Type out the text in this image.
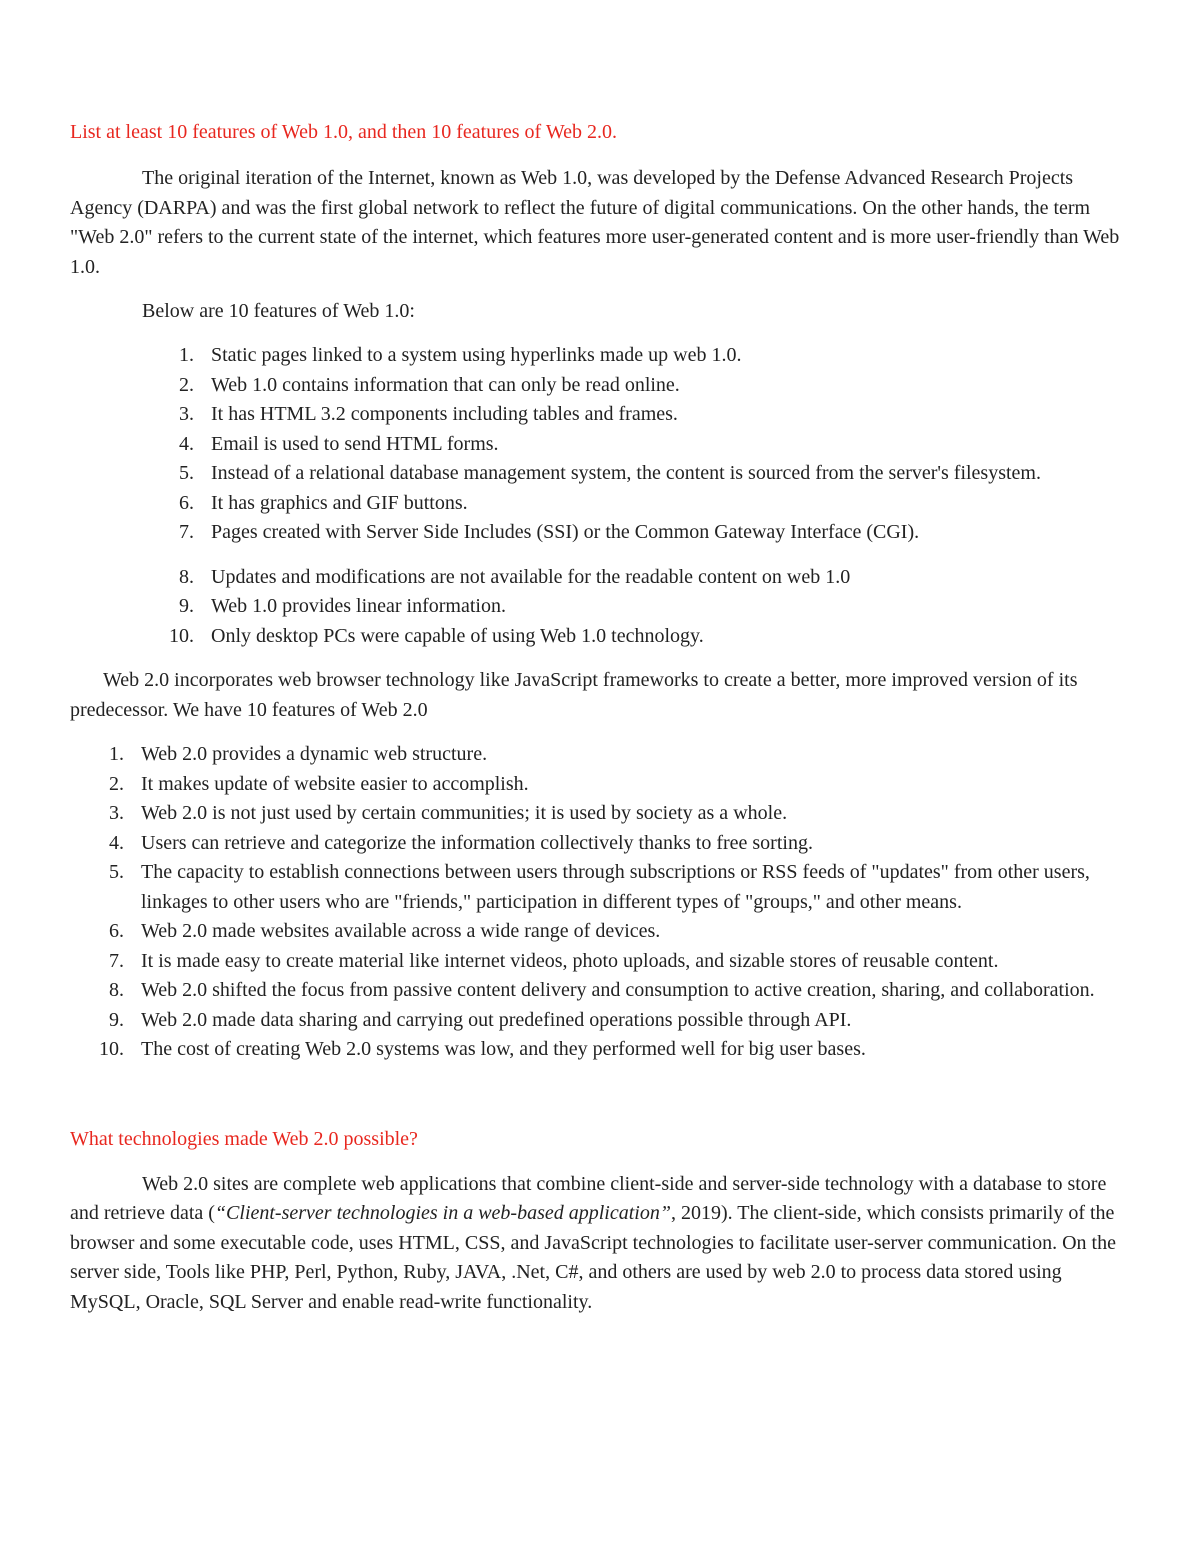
List at least 10 features of Web 1.0, and then 10 features of Web 2.0.

The original iteration of the Internet, known as Web 1.0, was developed by the Defense Advanced Research Projects Agency (DARPA) and was the first global network to reflect the future of digital communications. On the other hands, the term "Web 2.0" refers to the current state of the internet, which features more user-generated content and is more user-friendly than Web 1.0.

Below are 10 features of Web 1.0:

1. Static pages linked to a system using hyperlinks made up web 1.0.
2. Web 1.0 contains information that can only be read online.
3. It has HTML 3.2 components including tables and frames.
4. Email is used to send HTML forms.
5. Instead of a relational database management system, the content is sourced from the server's filesystem.
6. It has graphics and GIF buttons.
7. Pages created with Server Side Includes (SSI) or the Common Gateway Interface (CGI).
8. Updates and modifications are not available for the readable content on web 1.0
9. Web 1.0 provides linear information.
10. Only desktop PCs were capable of using Web 1.0 technology.

Web 2.0 incorporates web browser technology like JavaScript frameworks to create a better, more improved version of its predecessor. We have 10 features of Web 2.0

1. Web 2.0 provides a dynamic web structure.
2. It makes update of website easier to accomplish.
3. Web 2.0 is not just used by certain communities; it is used by society as a whole.
4. Users can retrieve and categorize the information collectively thanks to free sorting.
5. The capacity to establish connections between users through subscriptions or RSS feeds of "updates" from other users, linkages to other users who are "friends," participation in different types of "groups," and other means.
6. Web 2.0 made websites available across a wide range of devices.
7. It is made easy to create material like internet videos, photo uploads, and sizable stores of reusable content.
8. Web 2.0 shifted the focus from passive content delivery and consumption to active creation, sharing, and collaboration.
9. Web 2.0 made data sharing and carrying out predefined operations possible through API.
10. The cost of creating Web 2.0 systems was low, and they performed well for big user bases.

What technologies made Web 2.0 possible?

Web 2.0 sites are complete web applications that combine client-side and server-side technology with a database to store and retrieve data (“Client-server technologies in a web-based application”, 2019). The client-side, which consists primarily of the browser and some executable code, uses HTML, CSS, and JavaScript technologies to facilitate user-server communication. On the server side, Tools like PHP, Perl, Python, Ruby, JAVA, .Net, C#, and others are used by web 2.0 to process data stored using MySQL, Oracle, SQL Server and enable read-write functionality.
